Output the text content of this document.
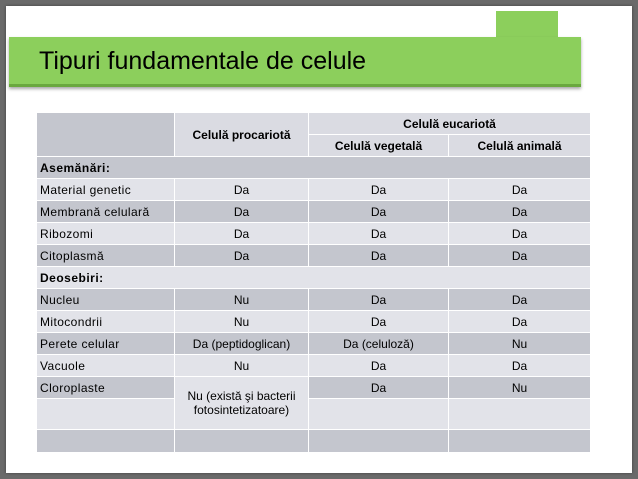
Tipuri fundamentale de celule
	Celulă procariotă	Celulă eucariotă	
		Celulă vegetală	Celulă animală
Asemănări:			
Material genetic	Da	Da	Da
Membrană celulară	Da	Da	Da
Ribozomi	Da	Da	Da
Citoplasmă	Da	Da	Da
Deosebiri:			
Nucleu	Nu	Da	Da
Mitocondrii	Nu	Da	Da
Perete celular	Da (peptidoglican)	Da (celuloză)	Nu
Vacuole	Nu	Da	Da
Cloroplaste	Nu (există şi bacterii fotosintetizatoare)	Da	Nu
